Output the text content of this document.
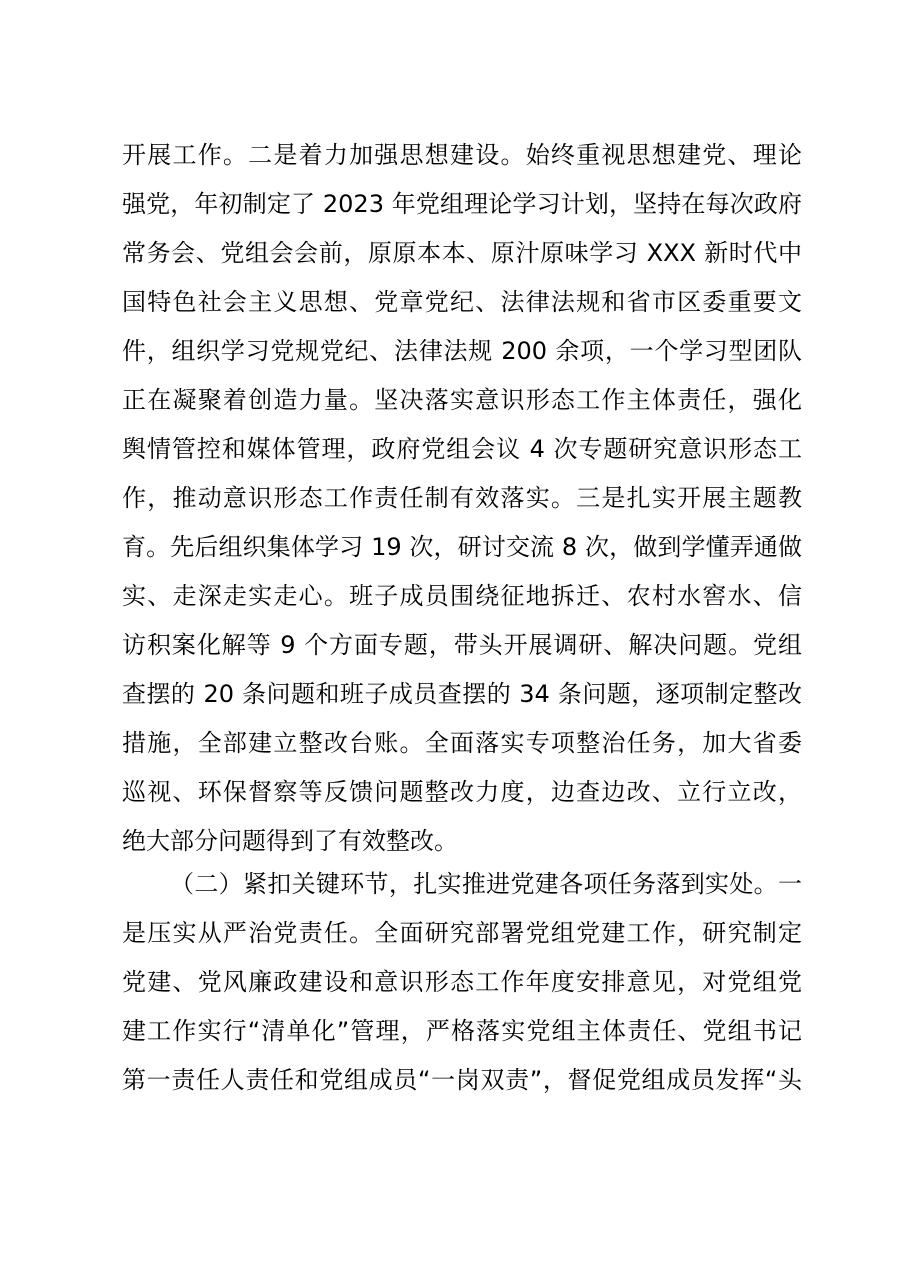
开展工作。二是着力加强思想建设。始终重视思想建党、理论
强党，年初制定了 2023 年党组理论学习计划，坚持在每次政府
常务会、党组会会前，原原本本、原汁原味学习 XXX 新时代中
国特色社会主义思想、党章党纪、法律法规和省市区委重要文
件，组织学习党规党纪、法律法规 200 余项，一个学习型团队
正在凝聚着创造力量。坚决落实意识形态工作主体责任，强化
舆情管控和媒体管理，政府党组会议 4 次专题研究意识形态工
作，推动意识形态工作责任制有效落实。三是扎实开展主题教
育。先后组织集体学习 19 次，研讨交流 8 次，做到学懂弄通做
实、走深走实走心。班子成员围绕征地拆迁、农村水窖水、信
访积案化解等 9 个方面专题，带头开展调研、解决问题。党组
查摆的 20 条问题和班子成员查摆的 34 条问题，逐项制定整改
措施，全部建立整改台账。全面落实专项整治任务，加大省委
巡视、环保督察等反馈问题整改力度，边查边改、立行立改，
绝大部分问题得到了有效整改。
（二）紧扣关键环节，扎实推进党建各项任务落到实处。一
是压实从严治党责任。全面研究部署党组党建工作，研究制定
党建、党风廉政建设和意识形态工作年度安排意见，对党组党
建工作实行“清单化”管理，严格落实党组主体责任、党组书记
第一责任人责任和党组成员“一岗双责”，督促党组成员发挥“头
